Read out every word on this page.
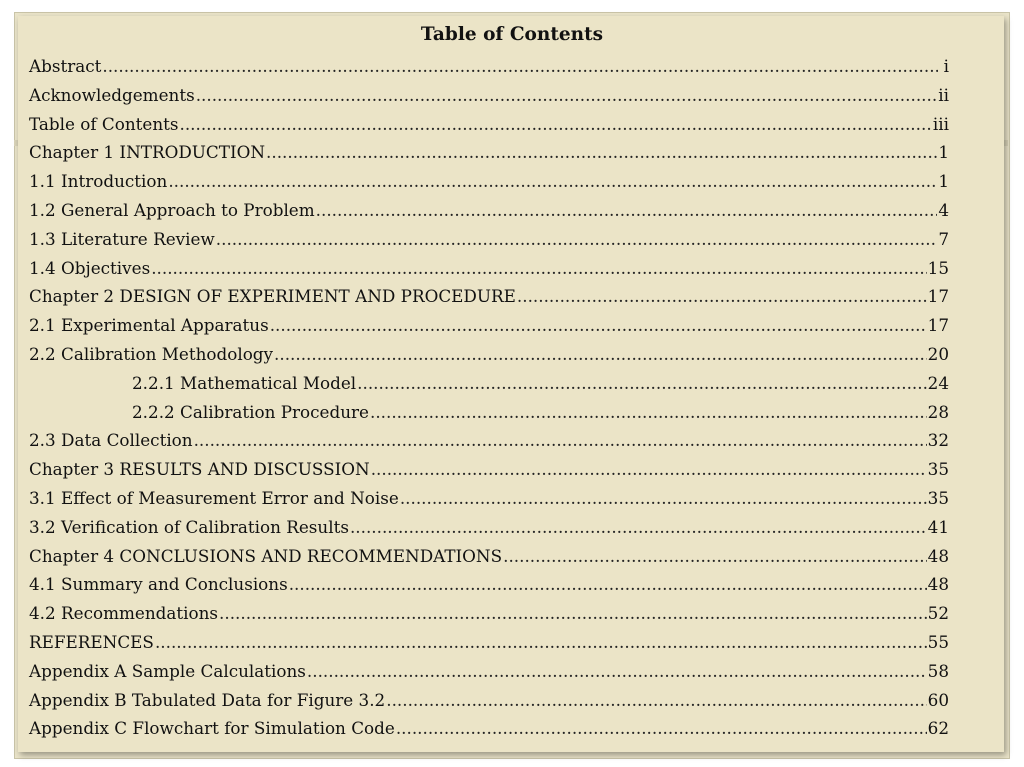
Table of Contents
Abstract .....	i
Acknowledgements .....	ii
Table of Contents .....	iii
Chapter 1 INTRODUCTION .....	1
1.1 Introduction .....	1
1.2 General Approach to Problem .....	4
1.3 Literature Review .....	7
1.4 Objectives .....	15
Chapter 2 DESIGN OF EXPERIMENT AND PROCEDURE .....	17
2.1 Experimental Apparatus .....	17
2.2 Calibration Methodology .....	20
2.2.1 Mathematical Model .....	24
2.2.2 Calibration Procedure .....	28
2.3 Data Collection .....	32
Chapter 3 RESULTS AND DISCUSSION .....	35
3.1 Effect of Measurement Error and Noise .....	35
3.2 Verification of Calibration Results .....	41
Chapter 4 CONCLUSIONS AND RECOMMENDATIONS .....	48
4.1 Summary and Conclusions .....	48
4.2 Recommendations .....	52
REFERENCES .....	55
Appendix A Sample Calculations .....	58
Appendix B Tabulated Data for Figure 3.2 .....	60
Appendix C Flowchart for Simulation Code .....	62
